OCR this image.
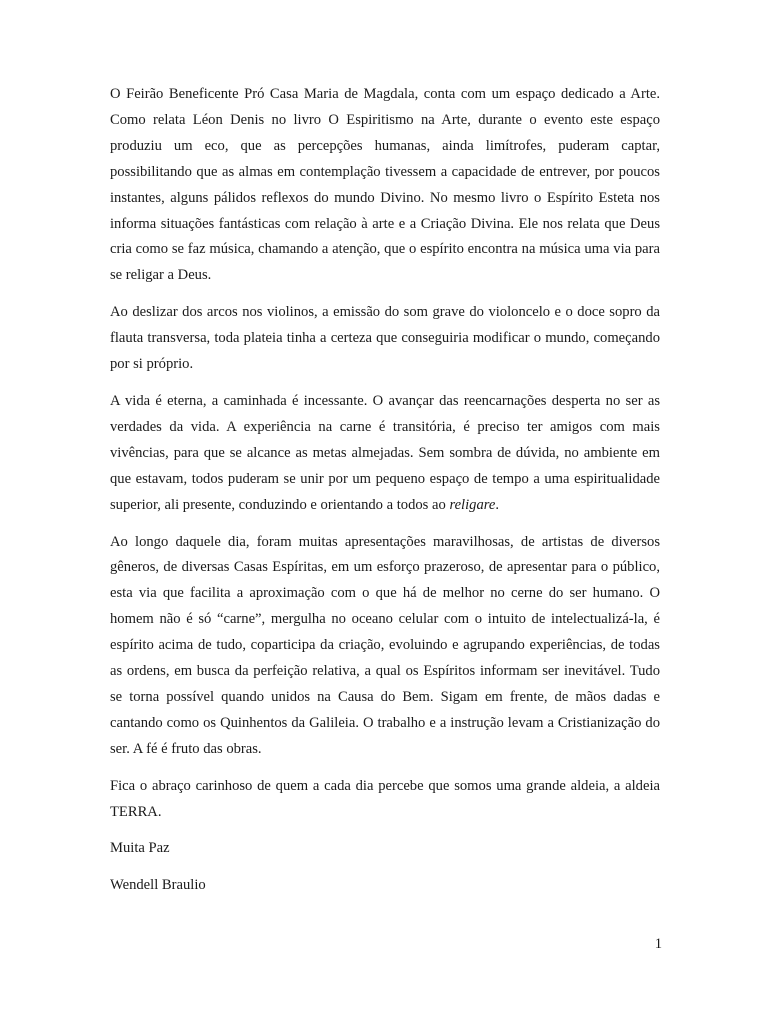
O Feirão Beneficente Pró Casa Maria de Magdala, conta com um espaço dedicado a Arte. Como relata Léon Denis no livro O Espiritismo na Arte, durante o evento este espaço produziu um eco, que as percepções humanas, ainda limítrofes, puderam captar, possibilitando que as almas em contemplação tivessem a capacidade de entrever, por poucos instantes, alguns pálidos reflexos do mundo Divino. No mesmo livro o Espírito Esteta nos informa situações fantásticas com relação à arte e a Criação Divina. Ele nos relata que Deus cria como se faz música, chamando a atenção, que o espírito encontra na música uma via para se religar a Deus.

Ao deslizar dos arcos nos violinos, a emissão do som grave do violoncelo e o doce sopro da flauta transversa, toda plateia tinha a certeza que conseguiria modificar o mundo, começando por si próprio.

A vida é eterna, a caminhada é incessante. O avançar das reencarnações desperta no ser as verdades da vida. A experiência na carne é transitória, é preciso ter amigos com mais vivências, para que se alcance as metas almejadas. Sem sombra de dúvida, no ambiente em que estavam, todos puderam se unir por um pequeno espaço de tempo a uma espiritualidade superior, ali presente, conduzindo e orientando a todos ao religare.

Ao longo daquele dia, foram muitas apresentações maravilhosas, de artistas de diversos gêneros, de diversas Casas Espíritas, em um esforço prazeroso, de apresentar para o público, esta via que facilita a aproximação com o que há de melhor no cerne do ser humano. O homem não é só “carne”, mergulha no oceano celular com o intuito de intelectualizá-la, é espírito acima de tudo, coparticipa da criação, evoluindo e agrupando experiências, de todas as ordens, em busca da perfeição relativa, a qual os Espíritos informam ser inevitável. Tudo se torna possível quando unidos na Causa do Bem. Sigam em frente, de mãos dadas e cantando como os Quinhentos da Galileia. O trabalho e a instrução levam a Cristianização do ser. A fé é fruto das obras.

Fica o abraço carinhoso de quem a cada dia percebe que somos uma grande aldeia, a aldeia TERRA.

Muita Paz

Wendell Braulio

1
